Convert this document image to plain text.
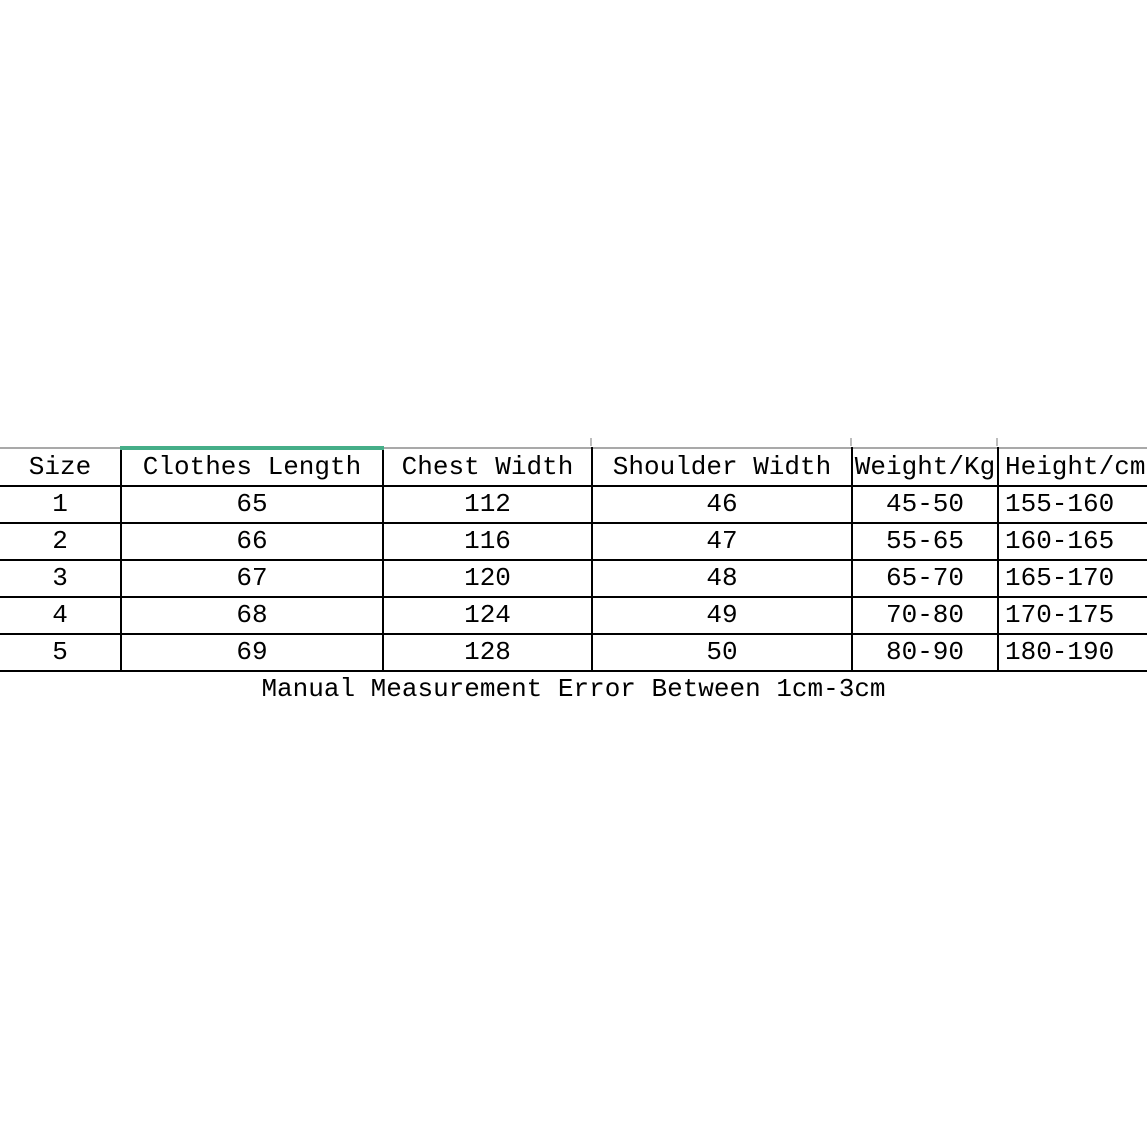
Size	Clothes Length	Chest Width	Shoulder Width	Weight/Kg	Height/cm
1	65	112	46	45-50	155-160
2	66	116	47	55-65	160-165
3	67	120	48	65-70	165-170
4	68	124	49	70-80	170-175
5	69	128	50	80-90	180-190
Manual Measurement Error Between 1cm-3cm
